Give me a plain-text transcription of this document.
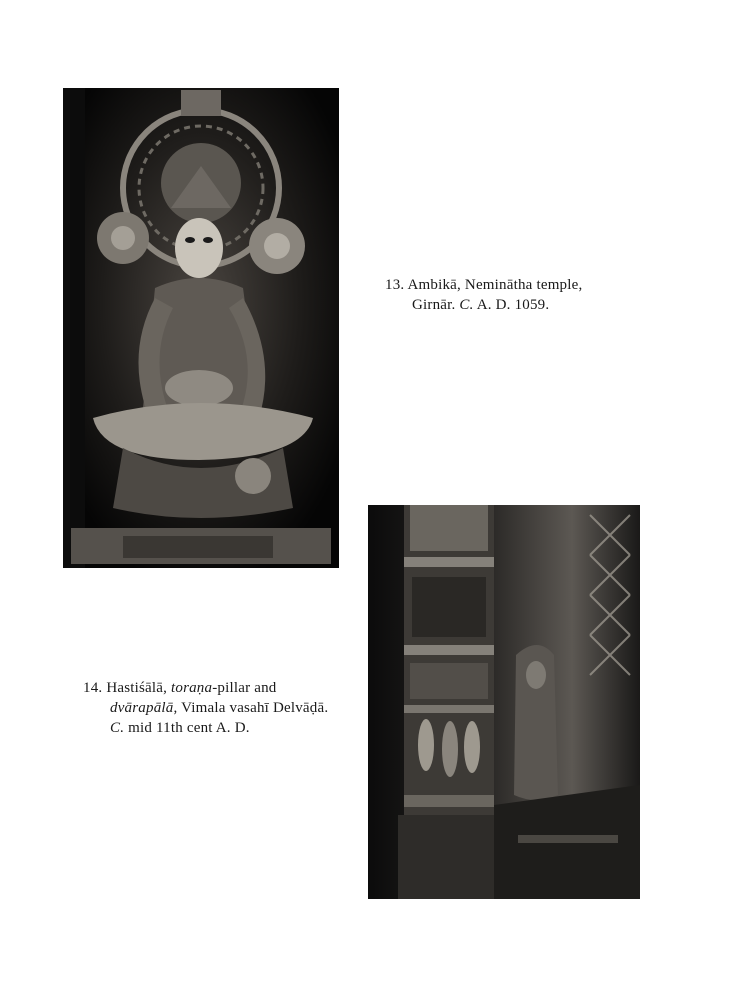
13. Ambikā, Neminātha temple,
Girnār. C. A. D. 1059.
14. Hastiśālā, toraṇa-pillar and
dvārapālā, Vimala vasahī Delvāḍā.
C. mid 11th cent A. D.
